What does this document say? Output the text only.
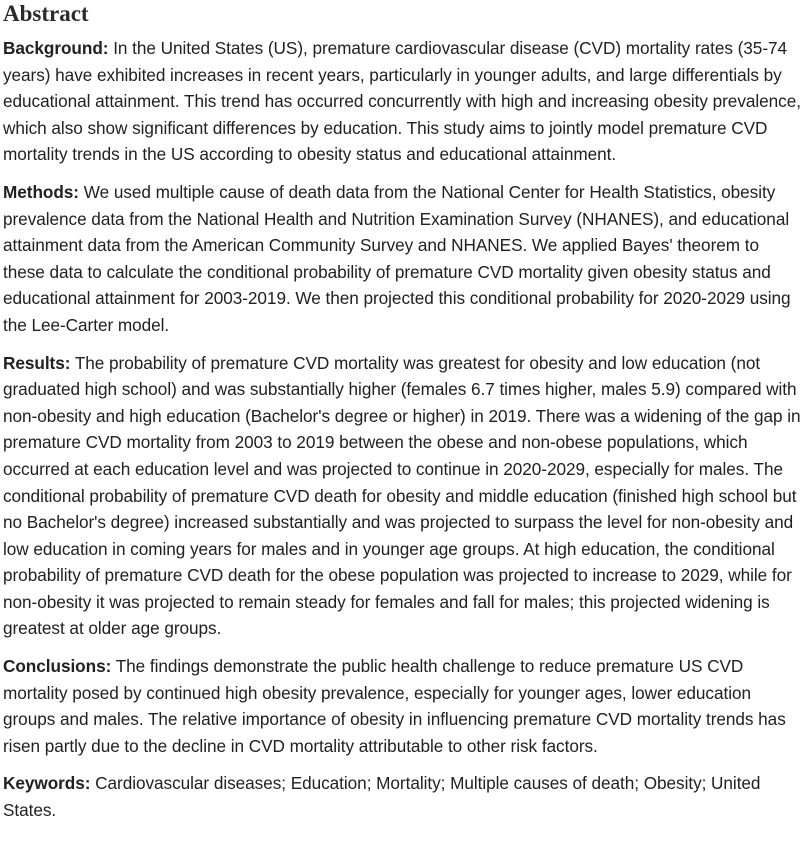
Abstract

Background: In the United States (US), premature cardiovascular disease (CVD) mortality rates (35-74 years) have exhibited increases in recent years, particularly in younger adults, and large differentials by educational attainment. This trend has occurred concurrently with high and increasing obesity prevalence, which also show significant differences by education. This study aims to jointly model premature CVD mortality trends in the US according to obesity status and educational attainment.

Methods: We used multiple cause of death data from the National Center for Health Statistics, obesity prevalence data from the National Health and Nutrition Examination Survey (NHANES), and educational attainment data from the American Community Survey and NHANES. We applied Bayes' theorem to these data to calculate the conditional probability of premature CVD mortality given obesity status and educational attainment for 2003-2019. We then projected this conditional probability for 2020-2029 using the Lee-Carter model.

Results: The probability of premature CVD mortality was greatest for obesity and low education (not graduated high school) and was substantially higher (females 6.7 times higher, males 5.9) compared with non-obesity and high education (Bachelor's degree or higher) in 2019. There was a widening of the gap in premature CVD mortality from 2003 to 2019 between the obese and non-obese populations, which occurred at each education level and was projected to continue in 2020-2029, especially for males. The conditional probability of premature CVD death for obesity and middle education (finished high school but no Bachelor's degree) increased substantially and was projected to surpass the level for non-obesity and low education in coming years for males and in younger age groups. At high education, the conditional probability of premature CVD death for the obese population was projected to increase to 2029, while for non-obesity it was projected to remain steady for females and fall for males; this projected widening is greatest at older age groups.

Conclusions: The findings demonstrate the public health challenge to reduce premature US CVD mortality posed by continued high obesity prevalence, especially for younger ages, lower education groups and males. The relative importance of obesity in influencing premature CVD mortality trends has risen partly due to the decline in CVD mortality attributable to other risk factors.

Keywords: Cardiovascular diseases; Education; Mortality; Multiple causes of death; Obesity; United States.
